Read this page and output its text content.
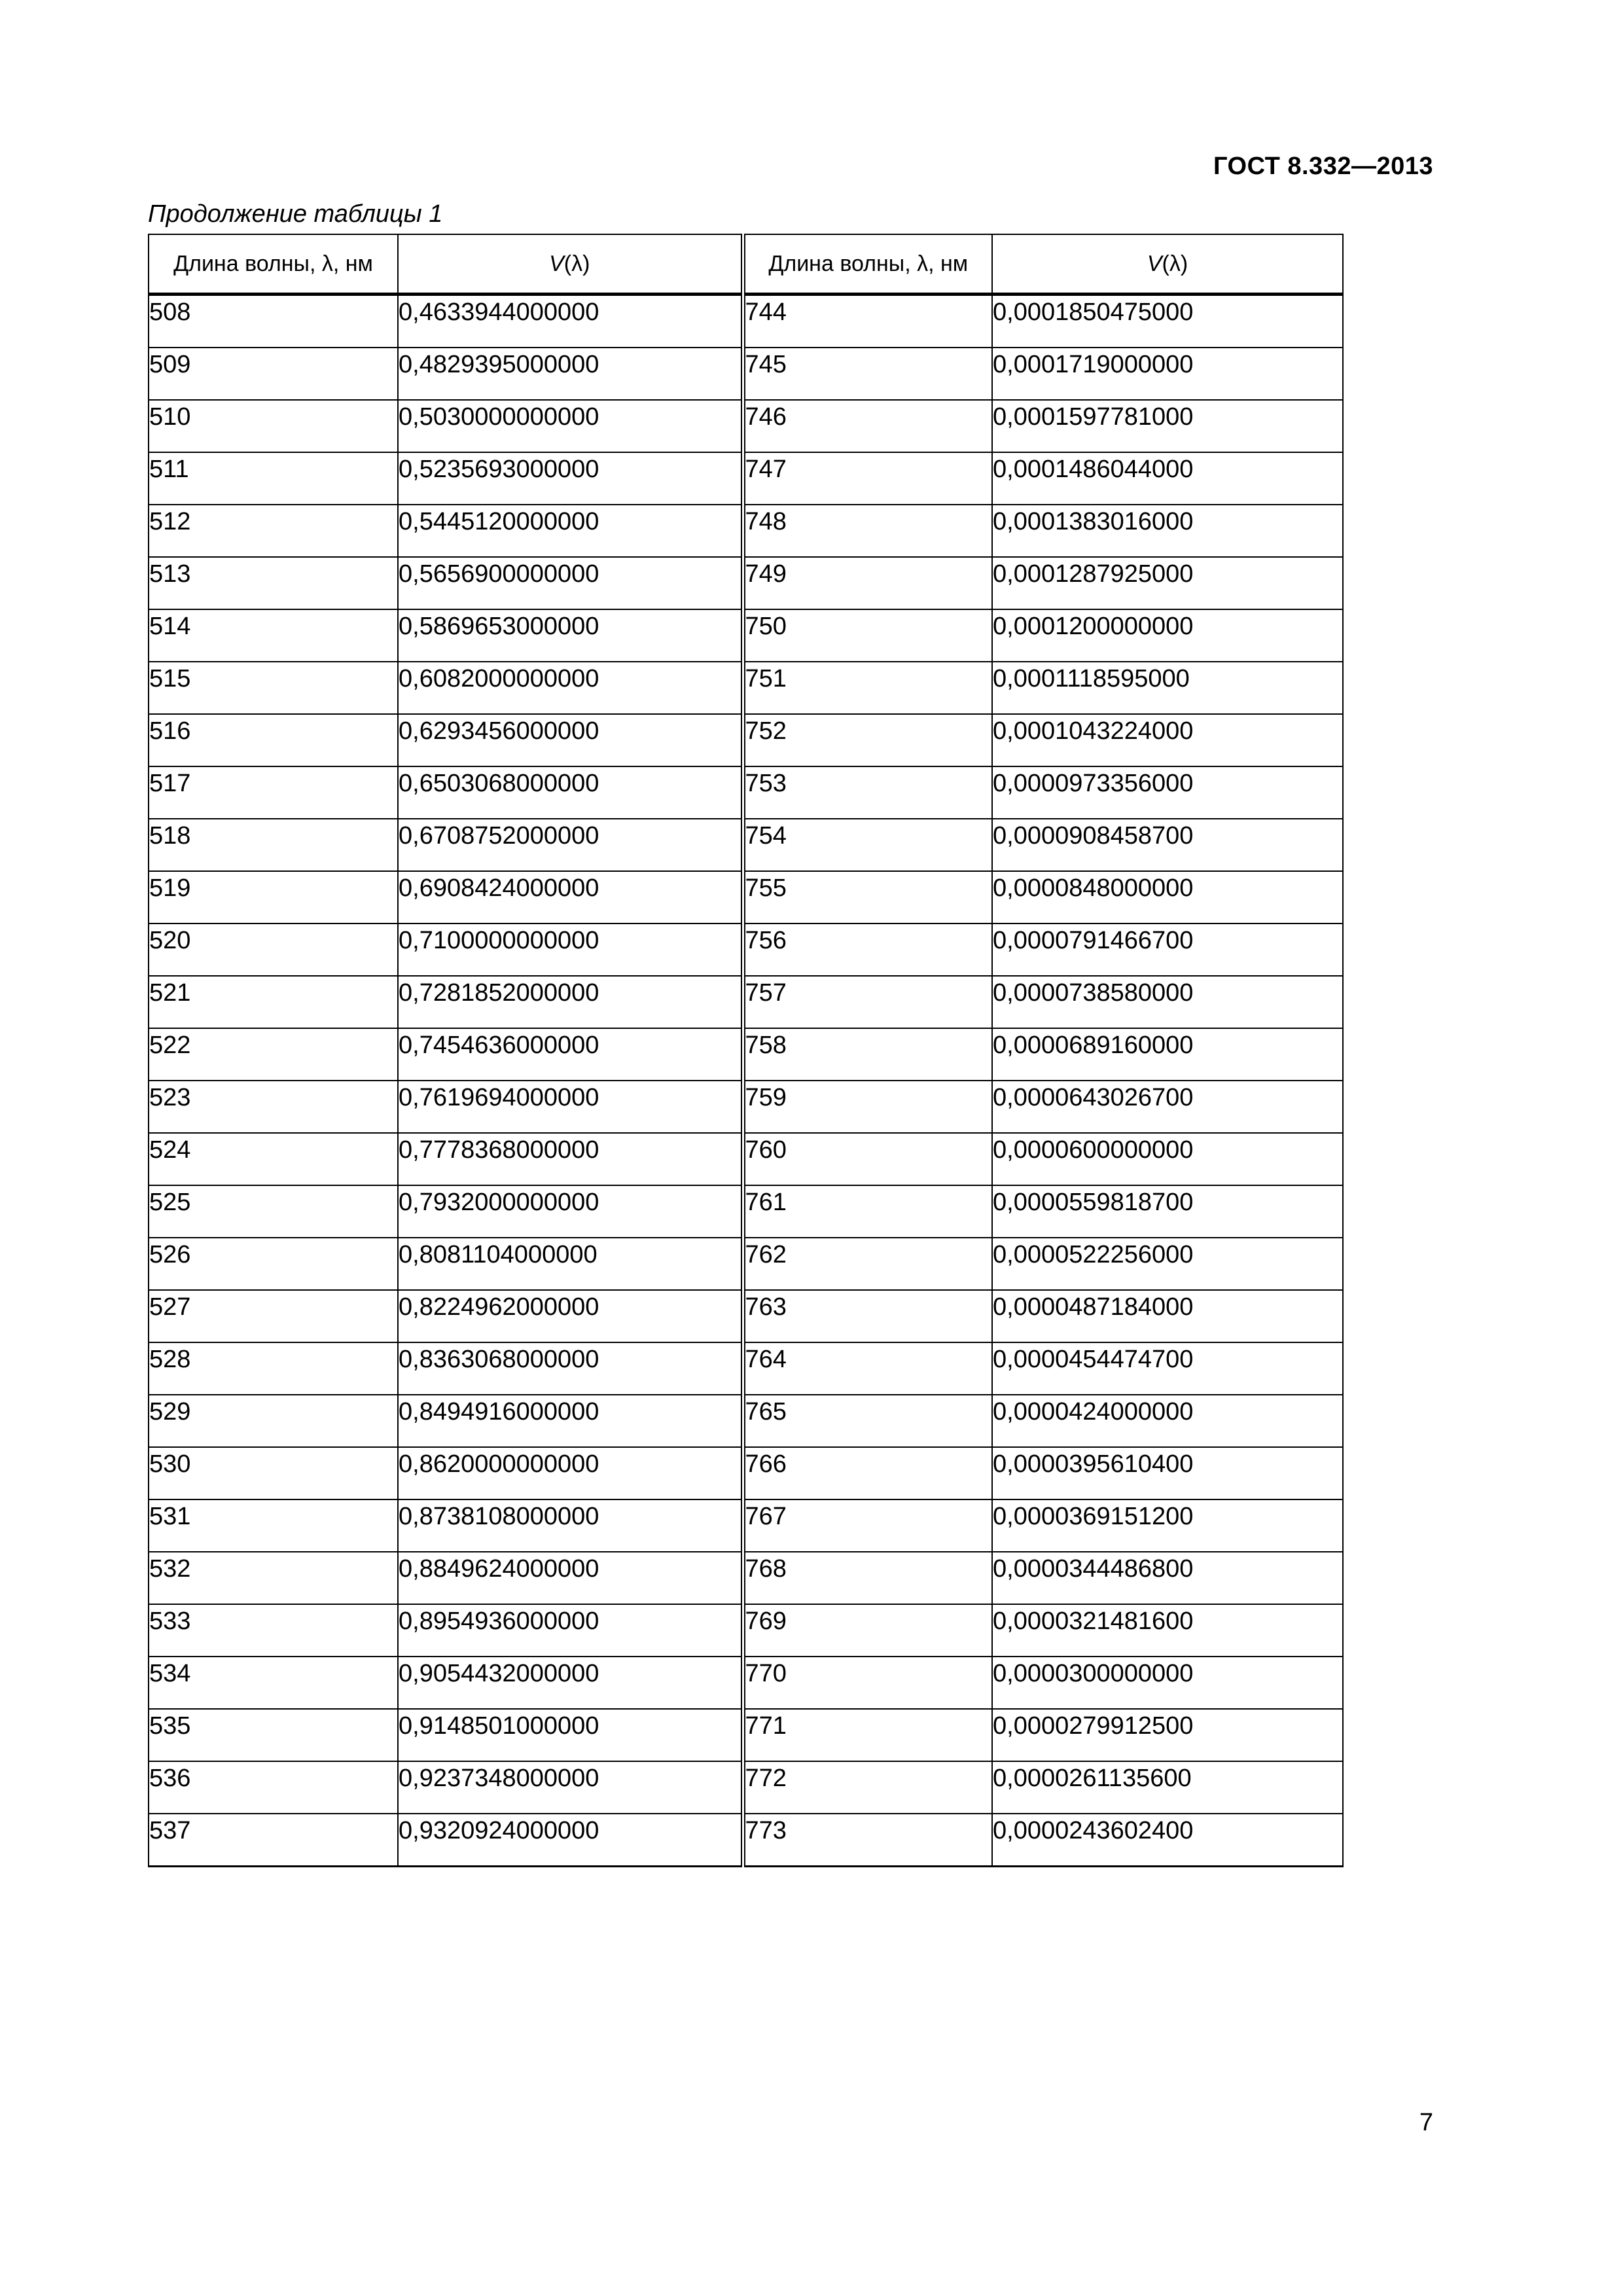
ГОСТ 8.332—2013
Продолжение таблицы 1
Длина волны, λ, нм	V(λ)	Длина волны, λ, нм	V(λ)
508	0,4633944000000	744	0,0001850475000
509	0,4829395000000	745	0,0001719000000
510	0,5030000000000	746	0,0001597781000
511	0,5235693000000	747	0,0001486044000
512	0,5445120000000	748	0,0001383016000
513	0,5656900000000	749	0,0001287925000
514	0,5869653000000	750	0,0001200000000
515	0,6082000000000	751	0,0001118595000
516	0,6293456000000	752	0,0001043224000
517	0,6503068000000	753	0,0000973356000
518	0,6708752000000	754	0,0000908458700
519	0,6908424000000	755	0,0000848000000
520	0,7100000000000	756	0,0000791466700
521	0,7281852000000	757	0,0000738580000
522	0,7454636000000	758	0,0000689160000
523	0,7619694000000	759	0,0000643026700
524	0,7778368000000	760	0,0000600000000
525	0,7932000000000	761	0,0000559818700
526	0,8081104000000	762	0,0000522256000
527	0,8224962000000	763	0,0000487184000
528	0,8363068000000	764	0,0000454474700
529	0,8494916000000	765	0,0000424000000
530	0,8620000000000	766	0,0000395610400
531	0,8738108000000	767	0,0000369151200
532	0,8849624000000	768	0,0000344486800
533	0,8954936000000	769	0,0000321481600
534	0,9054432000000	770	0,0000300000000
535	0,9148501000000	771	0,0000279912500
536	0,9237348000000	772	0,0000261135600
537	0,9320924000000	773	0,0000243602400
7
